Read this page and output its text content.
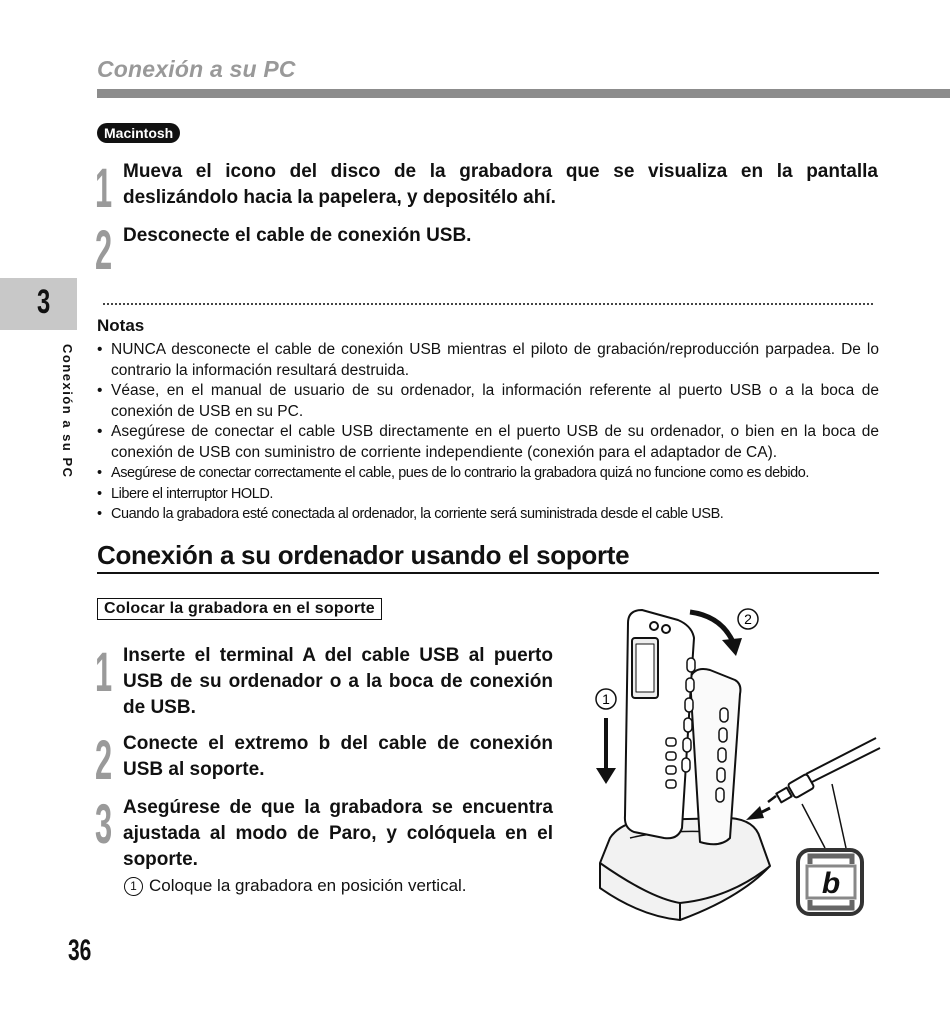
Conexión a su PC
3
Conexión a su PC
Macintosh
1 Mueva el icono del disco de la grabadora que se visualiza en la pantalla deslizándolo hacia la papelera, y depositélo ahí.
2 Desconecte el cable de conexión USB.
Notas
• NUNCA desconecte el cable de conexión USB mientras el piloto de grabación/reproducción parpadea. De lo contrario la información resultará destruida.
• Véase, en el manual de usuario de su ordenador, la información referente al puerto USB o a la boca de conexión de USB en su PC.
• Asegúrese de conectar el cable USB directamente en el puerto USB de su ordenador, o bien en la boca de conexión de USB con suministro de corriente independiente (conexión para el adaptador de CA).
• Asegúrese de conectar correctamente el cable, pues de lo contrario la grabadora quizá no funcione como es debido.
• Libere el interruptor HOLD.
• Cuando la grabadora esté conectada al ordenador, la corriente será suministrada desde el cable USB.
Conexión a su ordenador usando el soporte
Colocar la grabadora en el soporte
1 Inserte el terminal A del cable USB al puerto USB de su ordenador o a la boca de conexión de USB.
2 Conecte el extremo b del cable de conexión USB al soporte.
3 Asegúrese de que la grabadora se encuentra ajustada al modo de Paro, y colóquela en el soporte.
1 Coloque la grabadora en posición vertical.
1
2
b
36
